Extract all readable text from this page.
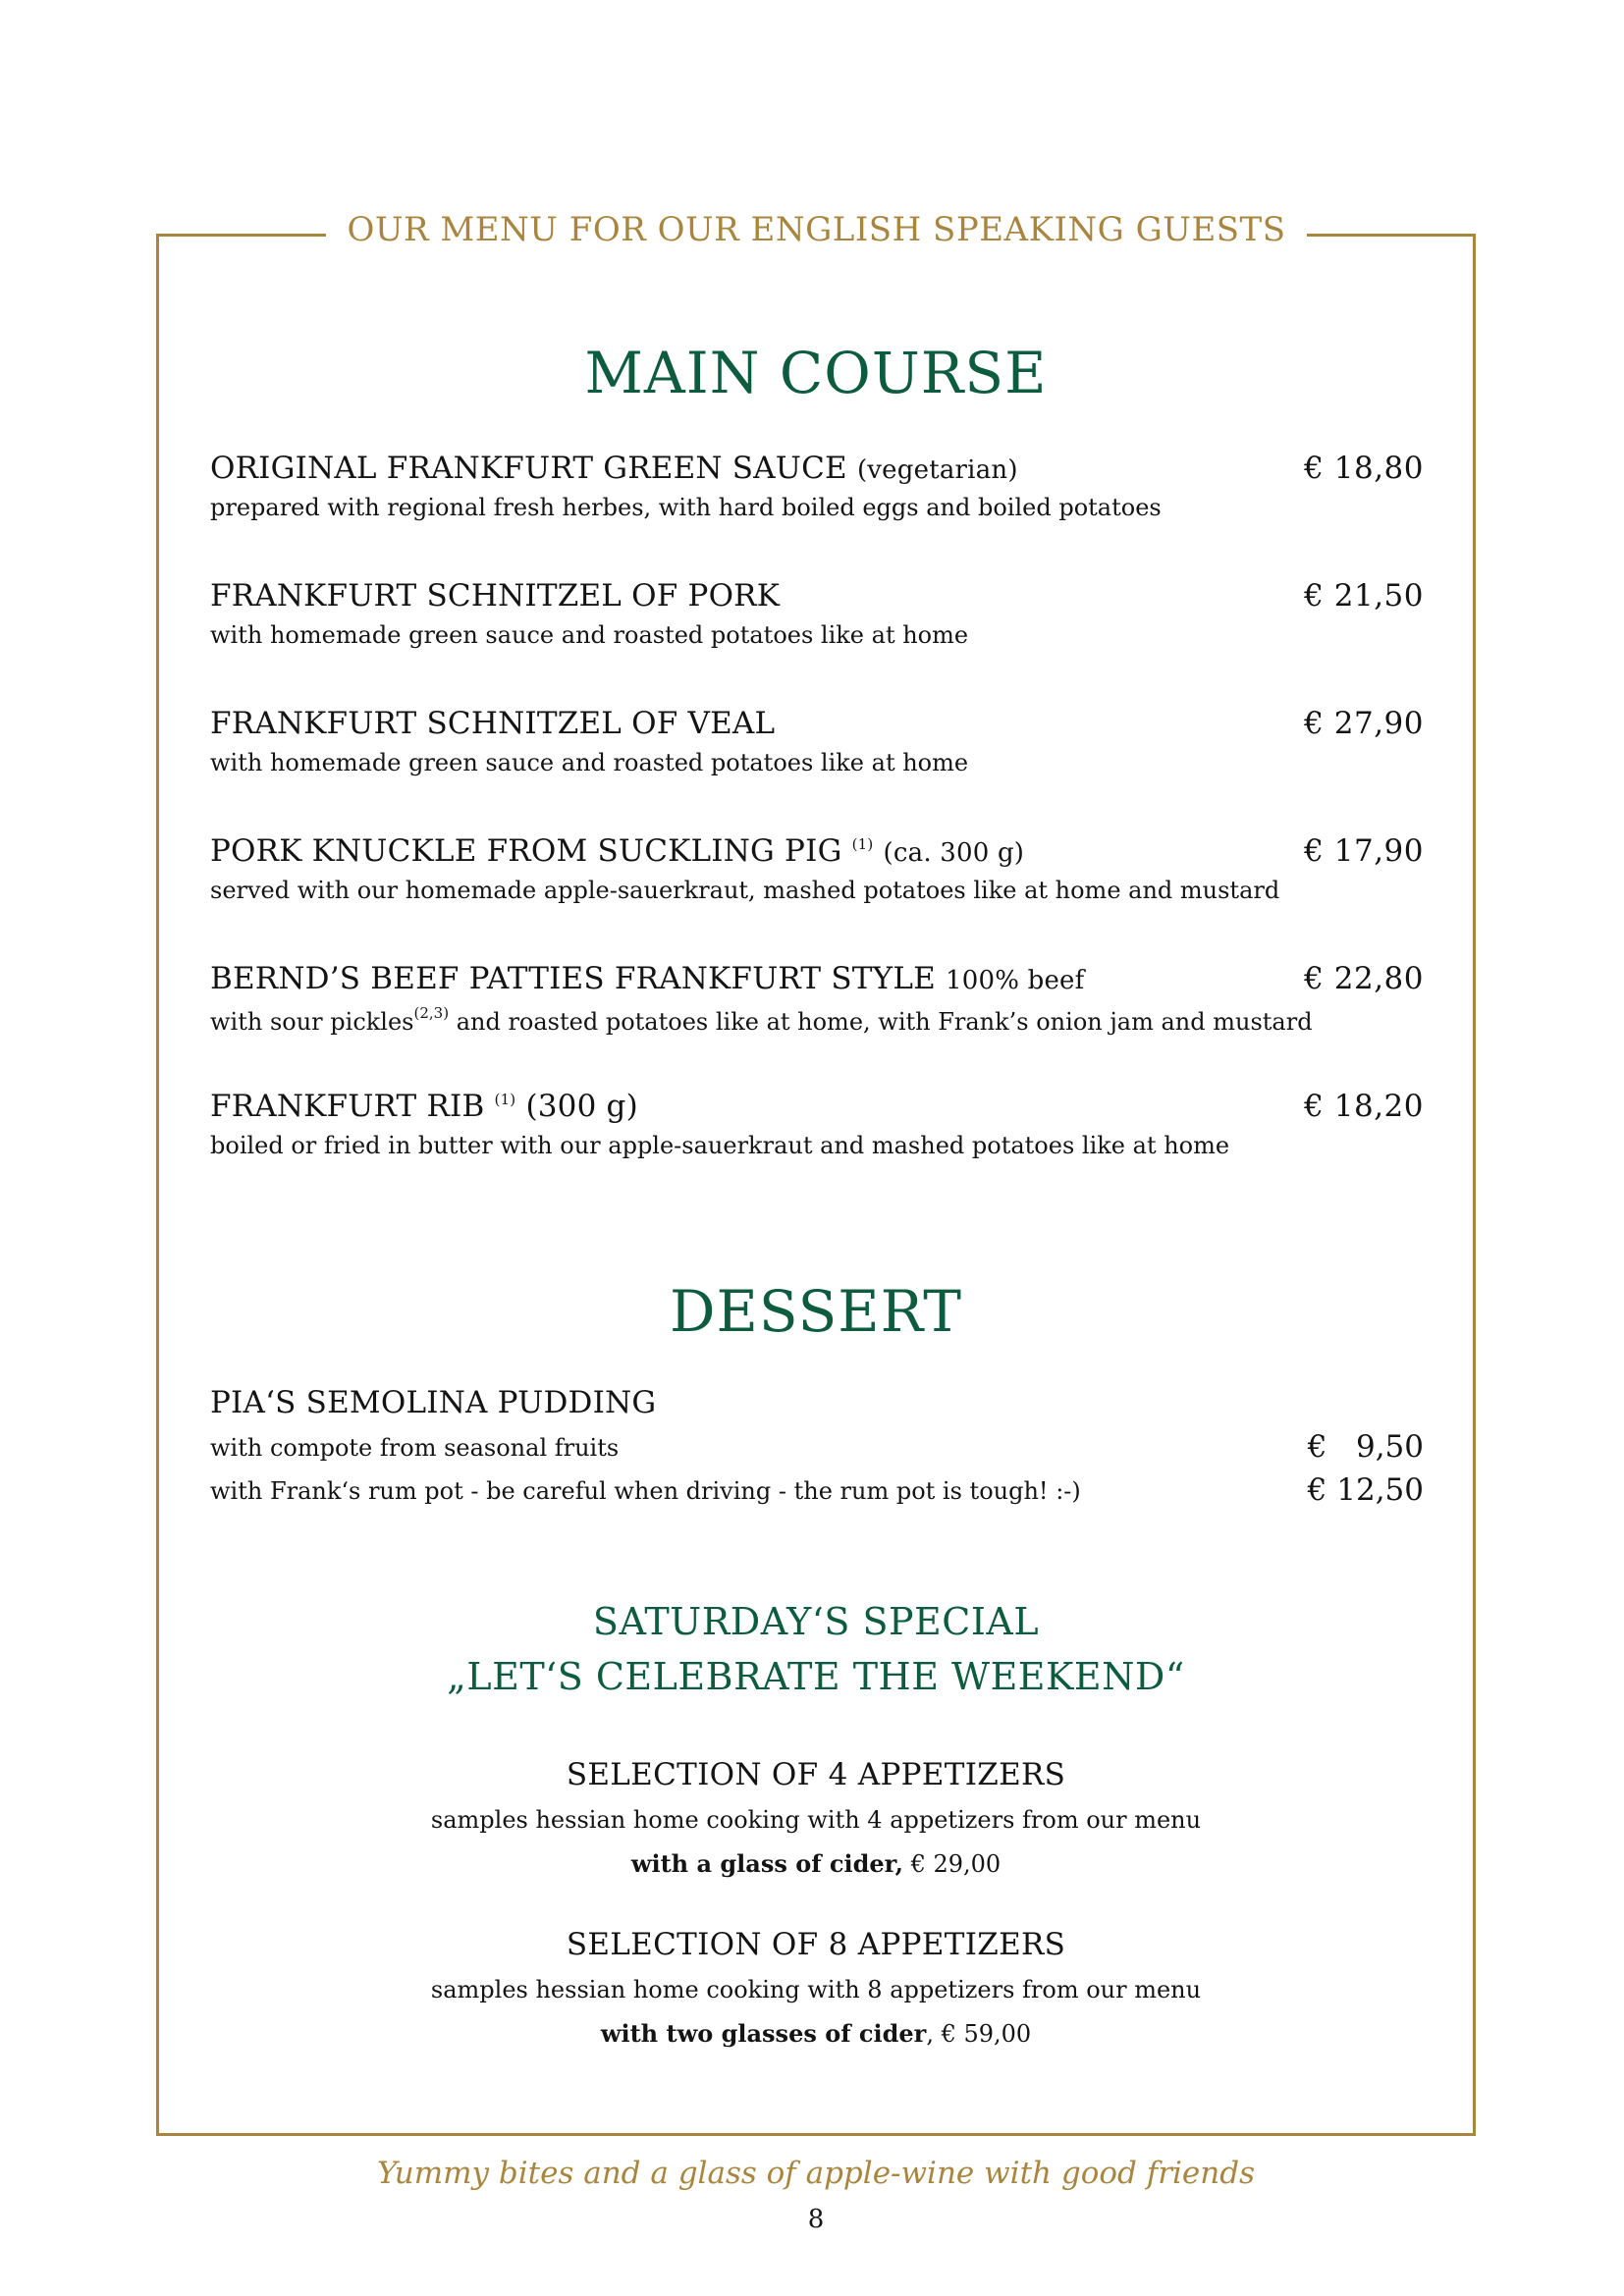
OUR MENU FOR OUR ENGLISH SPEAKING GUESTS
MAIN COURSE
ORIGINAL FRANKFURT GREEN SAUCE (vegetarian)	€ 18,80
prepared with regional fresh herbes, with hard boiled eggs and boiled potatoes
FRANKFURT SCHNITZEL OF PORK	€ 21,50
with homemade green sauce and roasted potatoes like at home
FRANKFURT SCHNITZEL OF VEAL	€ 27,90
with homemade green sauce and roasted potatoes like at home
PORK KNUCKLE FROM SUCKLING PIG $^{(1)}$ (ca. 300 g)	€ 17,90
served with our homemade apple-sauerkraut, mashed potatoes like at home and mustard
BERND’S BEEF PATTIES FRANKFURT STYLE 100% beef	€ 22,80
with sour pickles$^{(2,3)}$ and roasted potatoes like at home, with Frank’s onion jam and mustard
FRANKFURT RIB $^{(1)}$ (300 g)	€ 18,20
boiled or fried in butter with our apple-sauerkraut and mashed potatoes like at home
DESSERT
PIA‘S SEMOLINA PUDDING
with compote from seasonal fruits	€   9,50
with Frank‘s rum pot - be careful when driving - the rum pot is tough! :-)	€ 12,50
SATURDAY‘S SPECIAL
„LET‘S CELEBRATE THE WEEKEND“
SELECTION OF 4 APPETIZERS
samples hessian home cooking with 4 appetizers from our menu
with a glass of cider, € 29,00
SELECTION OF 8 APPETIZERS
samples hessian home cooking with 8 appetizers from our menu
with two glasses of cider, € 59,00
Yummy bites and a glass of apple-wine with good friends
8
